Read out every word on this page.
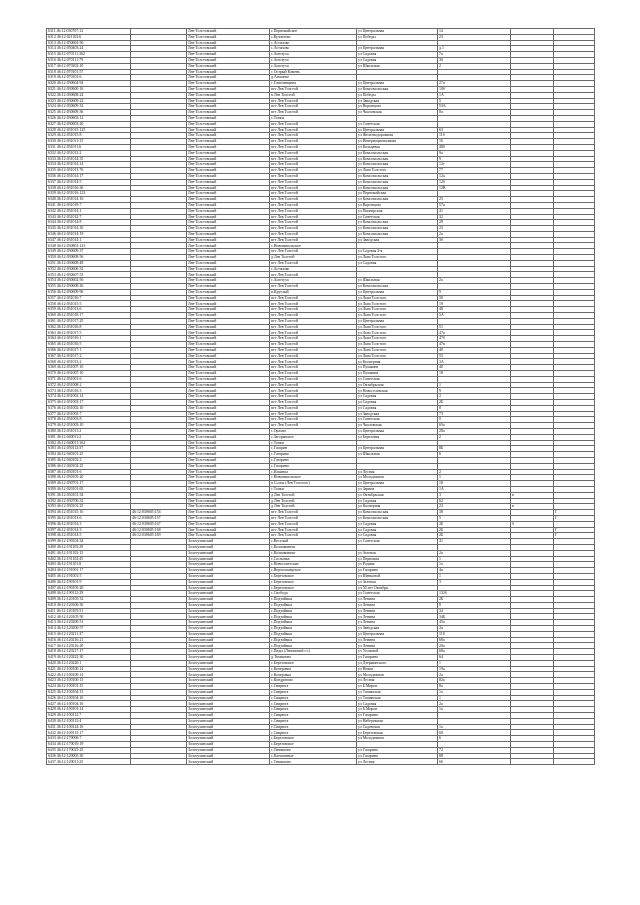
6311 46:12:030707:12		Лев-Толстовский	с.Первомайское	ул Центральная	14		
6312 46:12:021103:6		Лев-Толстовский	с.Кузовлево	ул Победы	23		
6313 46:12:050602:56		Лев-Толстовский	с.Астапово				
6314 46:12:050403:24		Лев-Толстовский	с.Астапово	ул Центральная	д.1		
6315 46:12:070111:362		Лев-Толстовский	с.Золотуха	ул Садовая	7а		
6316 46:12:070111:79		Лев-Толстовский	с.Золотуха	ул Садовая	3б		
6317 46:12:070202:10		Лев-Толстовский	с.Золотуха	ул Школьная	2		
6318 46:12:070101:57		Лев-Толстовский	с.Острый Камень				
6319 46:12:070101:6		Лев-Толстовский	д.Агишево				
6320 46:12:030604:94		Лев-Толстовский	с.Гомелевщина	ул Центральная	27а		
6321 46:12:030600:16		Лев-Толстовский	пгт Лев Толстой	ул Комсомольская	10б		
6322 46:12:030608:24		Лев-Толстовский	п.Лев Толстой	ул Победы	1А		
6323 46:12:030609:22		Лев-Толстовский	пгт Лев Толстой	ул Заводская	5		
6324 46:12:030609:32		Лев-Толстовский	пгт Лев Толстой	ул Воронцова	53А		
6325 46:12:030609:36		Лев-Толстовский	пгт Лев Толстой	ул Чкаловская	8а		
6326 46:12:030603:12		Лев-Толстовский	с.Топки				
6327 46:12:030603:20		Лев-Толстовский	пгт Лев Толстой	ул Советская			
6328 46:12:031015:125		Лев-Толстовский	пгт Лев Толстой	ул Центральная	63		
6329 46:12:031015:8		Лев-Толстовский	пгт Лев Толстой	ул Железнодорожная	11б		
6330 46:12:031011:15		Лев-Толстовский	пгт Лев Толстой	ул Интернациональная	16		
6331 46:12:031011:6		Лев-Толстовский	пгт Лев Толстой	ул Кольцевая	48б		
6332 46:12:031012:2		Лев-Толстовский	пгт Лев Толстой	ул Комсомольская	9а		
6333 46:12:031014:35		Лев-Толстовский	пгт Лев Толстой	ул Комсомольская	9		
6334 46:12:031014:14		Лев-Толстовский	пгт Лев Толстой	ул Комсомольская	12г		
6335 46:12:031013:76		Лев-Толстовский	пгт Лев Толстой	ул Льва Толстого	77		
6336 46:12:031014:17		Лев-Толстовский	пгт Лев Толстой	ул Комсомольская	12а		
6337 46:12:031014:5		Лев-Толстовский	пгт Лев Толстой	ул Комсомольская	12б		
6338 46:12:031016:36		Лев-Толстовский	пгт Лев Толстой	ул Комсомольская	12В		
6339 46:12:031016:123		Лев-Толстовский	пгт Лев Толстой	ул Первомайская			
6340 46:12:031014:16		Лев-Толстовский	пгт Лев Толстой	ул Комсомольская	25		
6341 46:12:031018:7		Лев-Толстовский	пгт Лев Толстой	ул Воронцова	57а		
6342 46:12:031014:1		Лев-Толстовский	пгт Лев Толстой	ул Пионерская	41		
6343 46:12:031012:7		Лев-Толстовский	пгт Лев Толстой	ул Советская	32		
6344 46:12:031014:8		Лев-Толстовский	пгт Лев Толстой	ул Комсомольская	28		
6345 46:12:031014:16		Лев-Толстовский	пгт Лев Толстой	ул Комсомольская	23		
6346 46:12:031014:19		Лев-Толстовский	пгт Лев Толстой	ул Комсомольская	2а		
6347 46:12:031014:1		Лев-Толстовский	пгт Лев Толстой	ул Заводская	3б		
6348 46:12:030801:123		Лев-Толстовский	с.Новоникольское				
6349 46:12:030609:37		Лев-Толстовский	пгт Лев Толстой	ул Садовая 2-я			
6350 46:12:030608:56		Лев-Толстовский	д.Лев Толстой	ул Льва Толстого			
6351 46:12:030608:48		Лев-Толстовский	пгт Лев Толстой	ул Садовая			
6352 46:12:030606:32		Лев-Толстовский	с.Астапово				
6353 46:12:030607:55		Лев-Толстовский	пгт Лев Толстой				
6354 46:12:030602:56		Лев-Толстовский	с.Золотуха	ул Школьная	2а		
6355 46:12:030608:26		Лев-Толстовский	пгт Лев Толстой	ул Комсомольская			
6356 46:12:030609:96		Лев-Толстовский	п.Круглый	ул Центральная	9		
6357 46:12:031016:7		Лев-Толстовский	пгт Лев Толстой	ул Льва Толстого	50		
6358 46:12:031015:5		Лев-Толстовский	пгт Лев Толстой	ул Льва Толстого	19		
6359 46:12:031013:6		Лев-Толстовский	пгт Лев Толстой	ул Льва Толстого	48		
6360 46:12:031018:17		Лев-Толстовский	пгт Лев Толстой	ул Льва Толстого	5А		
6361 46:12:031017:25		Лев-Толстовский	пгт Лев Толстой	ул Центральная			
6362 46:12:031016:8		Лев-Толстовский	пгт Лев Толстой	ул Льва Толстого	51		
6363 46:12:031017:5		Лев-Толстовский	пгт Лев Толстой	ул Льва Толстого	47а		
6364 46:12:031016:1		Лев-Толстовский	пгт Лев Толстой	ул Льва Толстого	47б		
6365 46:12:031016:5		Лев-Толстовский	пгт Лев Толстой	ул Льва Толстого	47в		
6366 46:12:031017:1		Лев-Толстовский	пгт Лев Толстой	ул Льва Толстого	40		
6367 46:12:031017:2		Лев-Толстовский	пгт Лев Толстой	ул Льва Толстого	55		
6368 46:12:031013:2		Лев-Толстовский	пгт Лев Толстой	ул Кооперная	3А		
6369 46:12:031007:10		Лев-Толстовский	пгт Лев Толстой	ул Пушкина	40		
6370 46:12:031007:10		Лев-Толстовский	пгт Лев Толстой	ул Пушкина	18		
6371 46:12:031001:6		Лев-Толстовский	пгт Лев Толстой	ул Советская			
6372 46:12:031008:2		Лев-Толстовский	пгт Лев Толстой	ул Октябрьская	1		
6373 46:12:031016:3		Лев-Толстовский	пгт Лев Толстой	ул Новоселовская	9		
6374 46:12:031002:14		Лев-Толстовский	пгт Лев Толстой	ул Садовая	2		
6375 46:12:031003:17		Лев-Толстовский	пгт Лев Толстой	ул Садовая	2Б		
6376 46:12:031002:10		Лев-Толстовский	пгт Лев Толстой	ул Садовая	8		
6377 46:12:031003:7		Лев-Толстовский	пгт Лев Толстой	ул Заводская	73		
6378 46:12:031003:8		Лев-Толстовский	пгт Лев Толстой	ул Советская	9		
6379 46:12:031003:10		Лев-Толстовский	пгт Лев Толстой	ул Чкаловская	65а		
6380 46:12:031011:2		Лев-Толстовский	с.Орлово	ул Центральная	28а		
6381 46:12:040011:2		Лев-Толстовский	с.Загорянское	ул Березовая	2		
6382 46:12:040011:162		Лев-Толстовский	с.Топки				
6383 46:12:050112:57		Лев-Толстовский	с.Гагарин	ул Центральная	8Б		
6384 46:12:040101:25		Лев-Толстовский	с.Гагарино	ул Школьная	6		
6385 46:12:040102:2		Лев-Толстовский	с.Гагарино				
6386 46:12:040102:25		Лев-Толстовский	с.Гагарино				
6387 46:12:030101:6		Лев-Толстовский	с.Ильинка	ул Лесная	2		
6388 46:12:030105:20		Лев-Толстовский	с.Новоникольское	ул Молодежная	1		
6389 46:12:030701:17		Лев-Толстовский	п.Сосна (Лев Толстого)	ул Центральная	18		
6390 46:12:020101:65		Лев-Толстовский	с.Топки	ул Зарина	1А		
6391 46:12:030101:34		Лев-Толстовский	д.Лев Толстой	ул Октябрьская	3	в	
6392 46:12:030700:32		Лев-Толстовский	д.Лев Толстой	ул Садовая	62		
6393 46:12:030101:25		Лев-Толстовский	д.Лев Толстой	ул Кооперная	23	в	
6394 46:12:031015:16	46:12:030605:154	Лев-Толстовский	пгт Лев Толстой	ул Комсомольская	38		Г
6395 46:12:031013:6	46:12:030605:157	Лев-Толстовский	пгт Лев Толстой	ул Комсомольская	5		Г
6396 46:12:031014:3	46:12:030605:167	Лев-Толстовский	пгт Лев Толстой	ул Садовая	2Б	б	
6397 46:12:031014:3	46:12:030605:168	Лев-Толстовский	пгт Лев Толстой	ул Садовая	2Б		Г
6398 46:12:031014:5	46:12:030605:169	Лев-Толстовский	пгт Лев Толстой	ул Садовая	2Б		Г
6399 46:12:190104:34		Золотухинский	с.Веселый	ул Советская	41		
6400 46:12:191103:29		Золотухинский	с.Колпаковичи				
6401 46:12:191103:15		Золотухинский	с.Колпаковичи	ул Зеленая	2а		
6402 46:12:191102:45		Золотухинский	с.Сосновка	ул Первомая	1		
6403 46:12:191101:8		Золотухинский	с.Новосоветские	ул Родина	1а		
6404 46:12:191001:17		Золотухинский	с.Верхосьмерское	ул Гагарина	4а		
6405 46:12:191001:5		Золотухинский	с.Березовское	ул Шевцовой	1		
6406 46:12:190101:9		Золотухинский	с.Березовское	ул Зеленая	3		
6407 46:12:190105:20		Золотухинский	с.Березовское	ул 50 лет Октября			
6408 46:12:190112:29		Золотухинский	с.Свобода	ул Советская	132б		
6409 46:12:120105:32		Золотухинский	с.Подтаймья	ул Ленина	2Б		
6410 46:12:120106:30		Золотухинский	с.Подтаймья	ул Ленина	8		
6411 46:12:120105:51		Золотухинский	с.Подтаймья	ул Ленина	34		
6412 46:12:120105:50		Золотухинский	с.Подтаймья	ул Ленина	34Б		
6413 46:12:120200:51		Золотухинский	с.Подтаймья	ул Ленина	45а		
6414 46:12:120200:57		Золотухинский	с.Подтаймья	ул Заводская	2а		
6415 46:12:120211:37		Золотухинский	с.Подтаймья	ул Центральная	118		
6416 46:12:120216:21		Золотухинский	с.Подтаймья	ул Ленина	68а		
6417 46:12:120216:20		Золотухинский	с.Подтаймья	ул Ленина	20а		
6418 46:12:120217:17		Золотухинский	с.Пады (Ленинский с/с)	ул Угольной	68а		
6419 46:12:120222:30		Золотухинский	д.Тимашово	ул Гагарина	64		
6420 46:12:120220:1		Золотухинский	с.Березовское	ул Дзержинского	1		
6421 46:12:100100:14		Золотухинский	с.Кочеровка	ул Новая	19а		
6422 46:12:100100:14		Золотухинский	с.Кочеровка	ул Молодежная	2а		
6423 46:12:100100:15		Золотухинский	с.Кондратово	ул Лесная	82а		
6424 46:12:100101:15		Золотухинский	с.Свирюга	ул Б.Миров	8а		
6425 46:12:100104:15		Золотухинский	с.Свирюга	ул Ташанская	1а		
6426 46:12:100104:16		Золотухинский	с.Свирюга	ул Ташанская	1		
6427 46:12:100104:16		Золотухинский	с.Свирюга	ул Садовая	2а		
6428 46:12:100101:14		Золотухинский	с.Свирюга	ул Б.Миров	1а		
6429 46:12:100112:7		Золотухинский	с.Свирюга	ул Гагарина			
6430 46:12:100112:4		Золотухинский	с.Свирюга	ул Набережная			
6431 46:12:100124:16		Золотухинский	с.Свирюга	ул Садовская	1а		
6432 46:12:100115:17		Золотухинский	с.Свирюга	ул Березовская	60		
6433 46:12:170006:7		Золотухинский	с.Березовское	ул Молодежная	6		
6434 46:12:170019:19		Золотухинский	с.Березовское				
6435 46:12:170025:25		Золотухинский	с.Тимашово	ул Гагарина	72		
6436 46:12:120005:30		Золотухинский	с.Клепачевые	ул Гагарина	88		
6437 46:12:120011:25		Золотухинский	с.Тимашово	ул Лесная	66		
